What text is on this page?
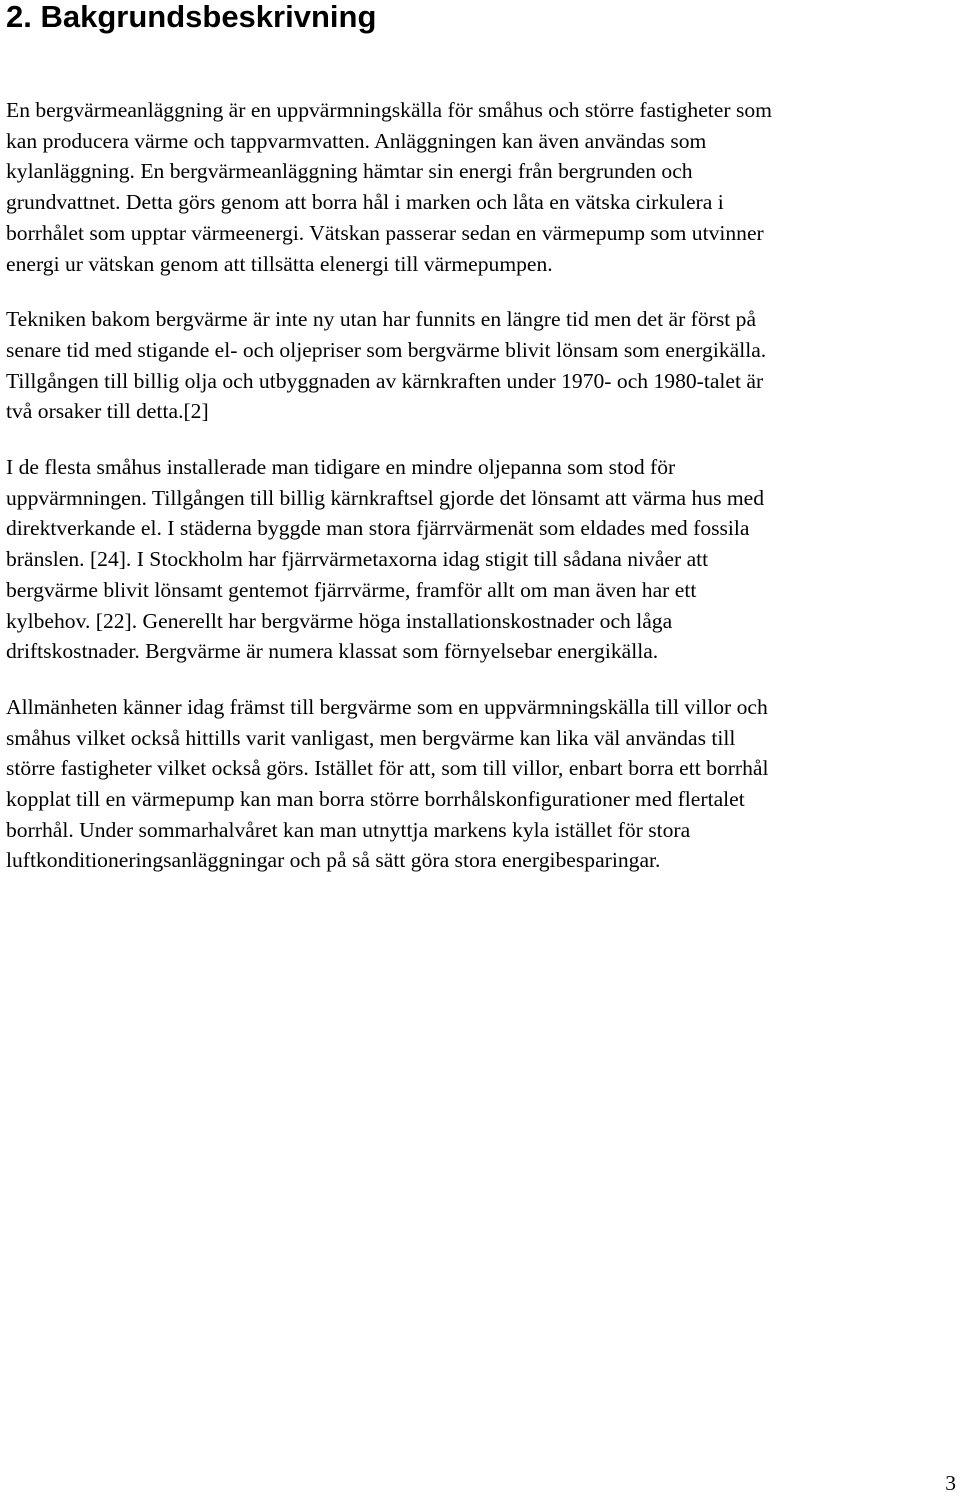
2. Bakgrundsbeskrivning

En bergvärmeanläggning är en uppvärmningskälla för småhus och större fastigheter som
kan producera värme och tappvarmvatten. Anläggningen kan även användas som
kylanläggning. En bergvärmeanläggning hämtar sin energi från bergrunden och
grundvattnet. Detta görs genom att borra hål i marken och låta en vätska cirkulera i
borrhålet som upptar värmeenergi. Vätskan passerar sedan en värmepump som utvinner
energi ur vätskan genom att tillsätta elenergi till värmepumpen.

Tekniken bakom bergvärme är inte ny utan har funnits en längre tid men det är först på
senare tid med stigande el- och oljepriser som bergvärme blivit lönsam som energikälla.
Tillgången till billig olja och utbyggnaden av kärnkraften under 1970- och 1980-talet är
två orsaker till detta.[2]

I de flesta småhus installerade man tidigare en mindre oljepanna som stod för
uppvärmningen. Tillgången till billig kärnkraftsel gjorde det lönsamt att värma hus med
direktverkande el. I städerna byggde man stora fjärrvärmenät som eldades med fossila
bränslen. [24]. I Stockholm har fjärrvärmetaxorna idag stigit till sådana nivåer att
bergvärme blivit lönsamt gentemot fjärrvärme, framför allt om man även har ett
kylbehov. [22]. Generellt har bergvärme höga installationskostnader och låga
driftskostnader. Bergvärme är numera klassat som förnyelsebar energikälla.

Allmänheten känner idag främst till bergvärme som en uppvärmningskälla till villor och
småhus vilket också hittills varit vanligast, men bergvärme kan lika väl användas till
större fastigheter vilket också görs. Istället för att, som till villor, enbart borra ett borrhål
kopplat till en värmepump kan man borra större borrhålskonfigurationer med flertalet
borrhål. Under sommarhalvåret kan man utnyttja markens kyla istället för stora
luftkonditioneringsanläggningar och på så sätt göra stora energibesparingar.

3
